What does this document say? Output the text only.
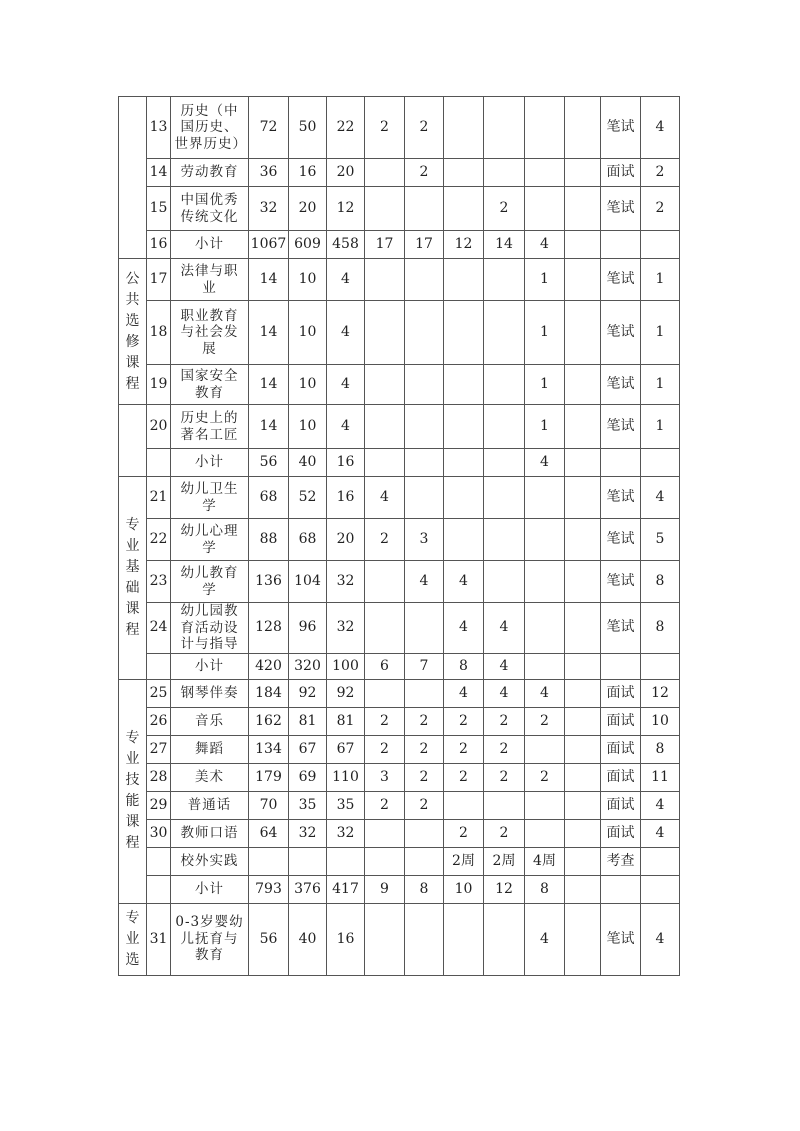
	13	历史（中国历史、世界历史）	72	50	22	2	2					笔试	4
	14	劳动教育	36	16	20		2					面试	2
	15	中国优秀传统文化	32	20	12				2			笔试	2
	16	小计	1067	609	458	17	17	12	14	4			
公共选修课程	17	法律与职业	14	10	4					1		笔试	1
	18	职业教育与社会发展	14	10	4					1		笔试	1
	19	国家安全教育	14	10	4					1		笔试	1
	20	历史上的著名工匠	14	10	4					1		笔试	1
		小计	56	40	16					4			
专业基础课程	21	幼儿卫生学	68	52	16	4						笔试	4
	22	幼儿心理学	88	68	20	2	3					笔试	5
	23	幼儿教育学	136	104	32		4	4				笔试	8
	24	幼儿园教育活动设计与指导	128	96	32			4	4			笔试	8
		小计	420	320	100	6	7	8	4				
专业技能课程	25	钢琴伴奏	184	92	92			4	4	4		面试	12
	26	音乐	162	81	81	2	2	2	2	2		面试	10
	27	舞蹈	134	67	67	2	2	2	2			面试	8
	28	美术	179	69	110	3	2	2	2	2		面试	11
	29	普通话	70	35	35	2	2					面试	4
	30	教师口语	64	32	32			2	2			面试	4
		校外实践						2周	2周	4周		考查	
		小计	793	376	417	9	8	10	12	8			
专业选	31	0-3岁婴幼儿抚育与教育	56	40	16					4		笔试	4
